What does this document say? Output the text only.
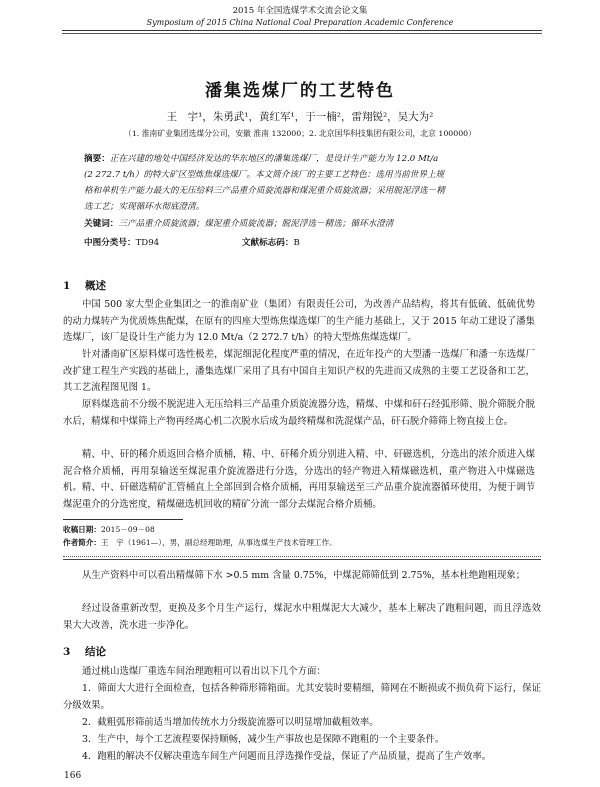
2015 年全国选煤学术交流会论文集
Symposium of 2015 China National Coal Preparation Academic Conference
潘集选煤厂的工艺特色
王　宇¹，朱勇武¹，黄红军¹，于一楠²，雷翔锐²，吴大为²
（1. 淮南矿业集团选煤分公司，安徽 淮南 132000；2. 北京国华科技集团有限公司，北京 100000）
摘要：正在兴建的地处中国经济发达的华东地区的潘集选煤厂，是设计生产能力为 12.0 Mt/a
(2 272.7 t/h）的特大矿区型炼焦煤选煤厂。本文简介该厂的主要工艺特色：选用当前世界上规
格和单机生产能力最大的无压给料三产品重介质旋流器和煤泥重介质旋流器；采用脱泥浮选－精
选工艺；实现循环水彻底澄清。
关键词：三产品重介质旋流器；煤泥重介质旋流器；脱泥浮选－精选；循环水澄清
中图分类号：TD94	文献标志码：B
1 概述
中国 500 家大型企业集团之一的淮南矿业（集团）有限责任公司，为改善产品结构，将其有低硫、低硫优势的动力煤转产为优质炼焦配煤，在原有的四座大型炼焦煤选煤厂的生产能力基础上，又于 2015 年动工建设了潘集选煤厂，该厂是设计生产能力为 12.0 Mt/a（2 272.7 t/h）的特大型炼焦煤选煤厂。
针对潘南矿区原料煤可选性极差，煤泥细泥化程度严重的情况，在近年投产的大型潘一选煤厂和潘一东选煤厂改扩建工程生产实践的基础上，潘集选煤厂采用了具有中国自主知识产权的先进而又成熟的主要工艺设备和工艺，其工艺流程图见图 1。
原料煤选前不分级不脱泥进入无压给料三产品重介质旋流器分选，精煤、中煤和矸石经弧形筛、脱介筛脱介脱水后，精煤和中煤筛上产物再经离心机二次脱水后成为最终精煤和洗混煤产品，矸石脱介筛筛上物直接上仓。
精、中、矸的稀介质返回合格介质桶，精、中、矸稀介质分别进入精、中、矸磁选机，分选出的浓介质进入煤泥合格介质桶，再用泵输送至煤泥重介旋流器进行分选，分选出的轻产物进入精煤磁选机，重产物进入中煤磁选机。精、中、矸磁选精矿汇管桶直上全部回到合格介质桶，再用泵输送至三产品重介旋流器循环使用，为便于调节煤泥重介的分选密度，精煤磁选机回收的精矿分流一部分去煤泥合格介质桶。
收稿日期：2015－09－08
作者简介：王　宇（1961—），男，副总经理助理，从事选煤生产技术管理工作。
从生产资料中可以看出精煤筛下水 >0.5 mm 含量 0.75%，中煤泥筛筛低到 2.75%，基本杜绝跑粗现象；
经过设备重新改型，更换及多个月生产运行，煤泥水中粗煤泥大大减少，基本上解决了跑粗问题，而且浮选效果大大改善，洗水进一步净化。
3 结论
通过桃山选煤厂重选车间治理跑粗可以看出以下几个方面：
1．筛面大大进行全面检查，包括各种筛形筛箱面。尤其安装时要精细，筛网在不断损或不损负荷下运行，保证分级效果。
2．截粗弧形筛前适当增加传统水力分级旋流器可以明显增加截粗效率。
3．生产中，每个工艺流程要保持顺畅，减少生产事故也是保障不跑粗的一个主要条件。
4．跑粗的解决不仅解决重选车间生产问题而且浮选操作受益，保证了产品质量，提高了生产效率。
166
